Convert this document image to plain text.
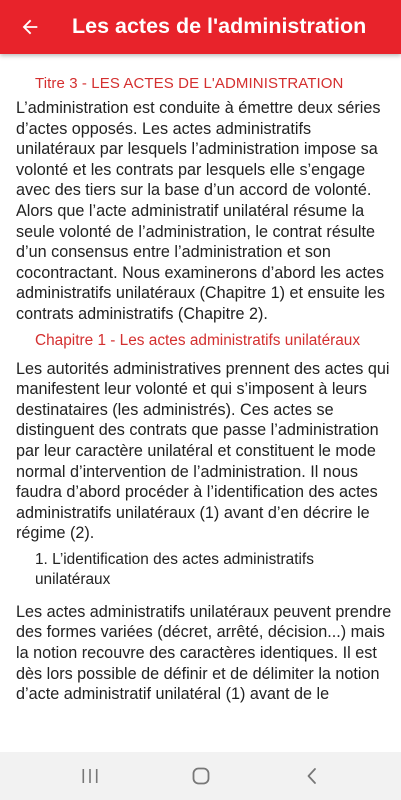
Les actes de l'administration
Titre 3 - LES ACTES DE L'ADMINISTRATION
L’administration est conduite à émettre deux séries d’actes opposés. Les actes administratifs unilatéraux par lesquels l’administration impose sa volonté et les contrats par lesquels elle s’engage avec des tiers sur la base d’un accord de volonté. Alors que l’acte administratif unilatéral résume la seule volonté de l’administration, le contrat résulte d’un consensus entre l’administration et son cocontractant. Nous examinerons d’abord les actes administratifs unilatéraux (Chapitre 1) et ensuite les contrats administratifs (Chapitre 2).
Chapitre 1 - Les actes administratifs unilatéraux
Les autorités administratives prennent des actes qui manifestent leur volonté et qui s’imposent à leurs destinataires (les administrés). Ces actes se distinguent des contrats que passe l’administration par leur caractère unilatéral et constituent le mode normal d’intervention de l’administration. Il nous faudra d’abord procéder à l’identification des actes administratifs unilatéraux (1) avant d’en décrire le régime (2).
1. L’identification des actes administratifs unilatéraux
Les actes administratifs unilatéraux peuvent prendre des formes variées (décret, arrêté, décision...) mais la notion recouvre des caractères identiques. Il est dès lors possible de définir et de délimiter la notion d’acte administratif unilatéral (1) avant de le
